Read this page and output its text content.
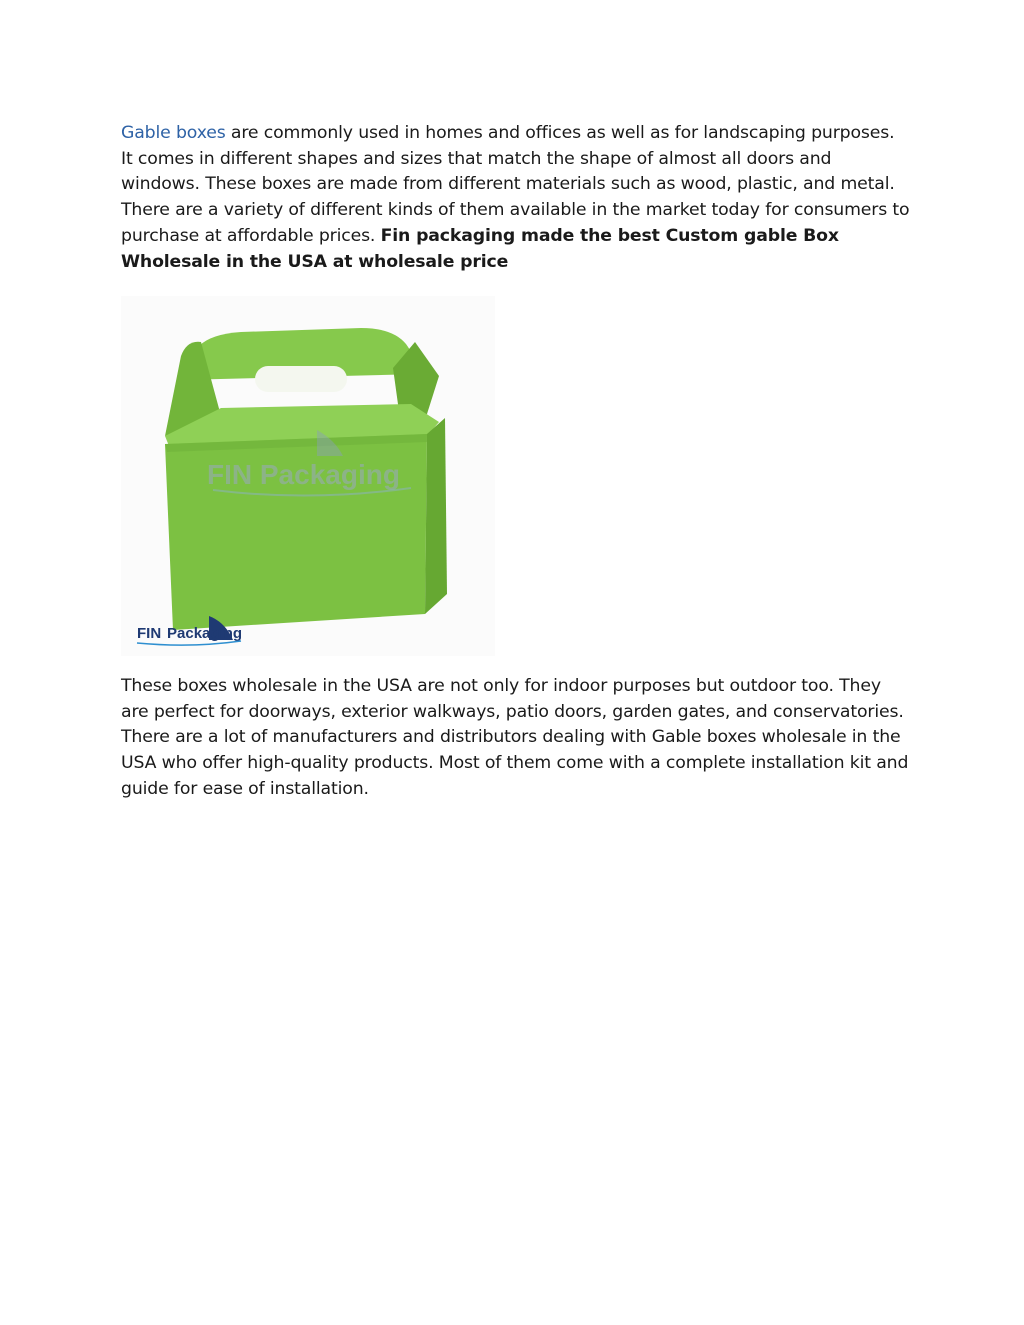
Gable boxes are commonly used in homes and offices as well as for landscaping purposes. It comes in different shapes and sizes that match the shape of almost all doors and windows. These boxes are made from different materials such as wood, plastic, and metal. There are a variety of different kinds of them available in the market today for consumers to purchase at affordable prices. Fin packaging made the best Custom gable Box Wholesale in the USA at wholesale price

FIN Packaging
FIN Packaging

These boxes wholesale in the USA are not only for indoor purposes but outdoor too. They are perfect for doorways, exterior walkways, patio doors, garden gates, and conservatories. There are a lot of manufacturers and distributors dealing with Gable boxes wholesale in the USA who offer high-quality products. Most of them come with a complete installation kit and guide for ease of installation.
